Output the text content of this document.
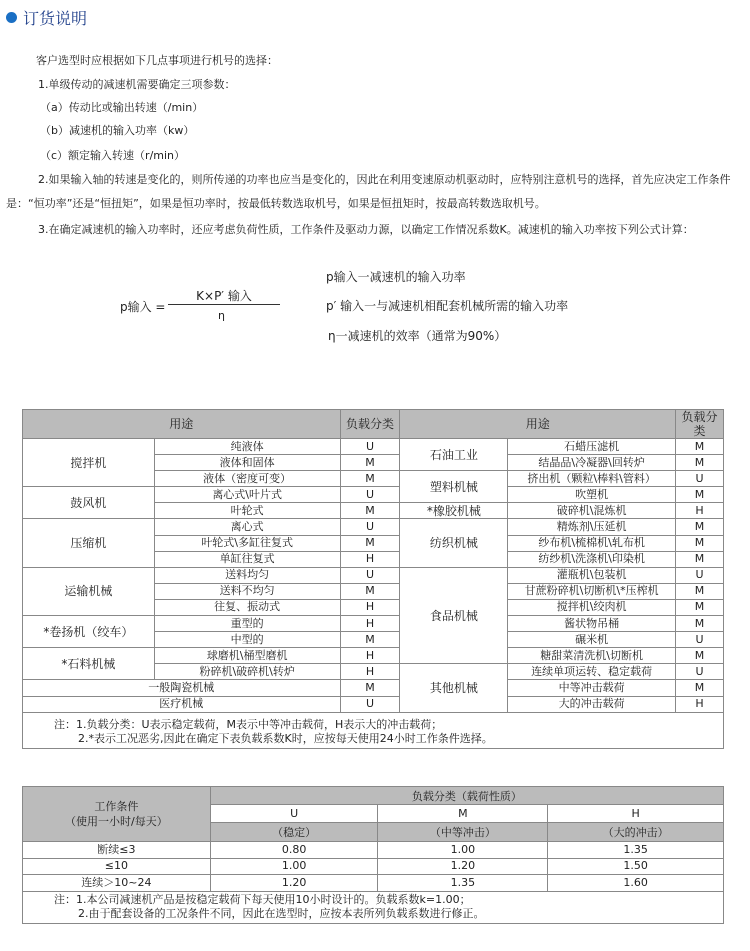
订货说明
客户选型时应根据如下几点事项进行机号的选择：
1.单级传动的减速机需要确定三项参数：
（a）传动比或输出转速（/min）
（b）减速机的输入功率（kw）
（c）额定输入转速（r/min）
2.如果输入轴的转速是变化的，则所传递的功率也应当是变化的，因此在利用变速原动机驱动时，应特别注意机号的选择，首先应决定工作条件
是：“恒功率”还是“恒扭矩”，如果是恒功率时，按最低转数选取机号，如果是恒扭矩时，按最高转数选取机号。
3.在确定减速机的输入功率时，还应考虑负荷性质，工作条件及驱动力源，以确定工作情况系数K。减速机的输入功率按下列公式计算：
p输入 =
K×P′ 输入
η
p输入一减速机的输入功率
p′ 输入一与减速机相配套机械所需的输入功率
η一减速机的效率（通常为90%）
用途		负载分类	用途		负载分类
搅拌机	纯液体	U	石油工业	石蜡压滤机	M
	液体和固体	M		结晶品\冷凝器\回转炉	M
	液体（密度可变）	M	塑料机械	挤出机（颗粒\棒料\管料）	U
鼓风机	离心式\叶片式	U		吹塑机	M
	叶轮式	M	*橡胶机械	破碎机\混炼机	H
压缩机	离心式	U	纺织机械	精炼剂\压延机	M
	叶轮式\多缸往复式	M		纱布机\梳棉机\轧布机	M
	单缸往复式	H		纺纱机\洗涤机\印染机	M
运输机械	送料均匀	U	食品机械	灌瓶机\包装机	U
	送料不均匀	M		甘蔗粉碎机\切断机\*压榨机	M
	往复、振动式	H		搅拌机\绞肉机	M
*卷扬机（绞车）	重型的	H		酱状物吊桶	M
	中型的	M		碾米机	U
*石料机械	球磨机\桶型磨机	H		糖甜菜清洗机\切断机	M
	粉碎机\破碎机\转炉	H	其他机械	连续单项运转、稳定载荷	U
一般陶瓷机械		M		中等冲击载荷	M
医疗机械		U		大的冲击载荷	H
注：1.负载分类：U表示稳定载荷，M表示中等冲击载荷，H表示大的冲击载荷；
2.*表示工况恶劣,因此在确定下表负载系数K时，应按每天使用24小时工作条件选择。
工作条件
（使用一小时/每天）	负载分类（载荷性质）		
	U	M	H
	（稳定）	（中等冲击）	（大的冲击）
断续≤3	0.80	1.00	1.35
≤10	1.00	1.20	1.50
连续＞10~24	1.20	1.35	1.60
注：1.本公司减速机产品是按稳定载荷下每天使用10小时设计的。负载系数k=1.00；
2.由于配套设备的工况条件不同，因此在选型时，应按本表所列负载系数进行修正。
